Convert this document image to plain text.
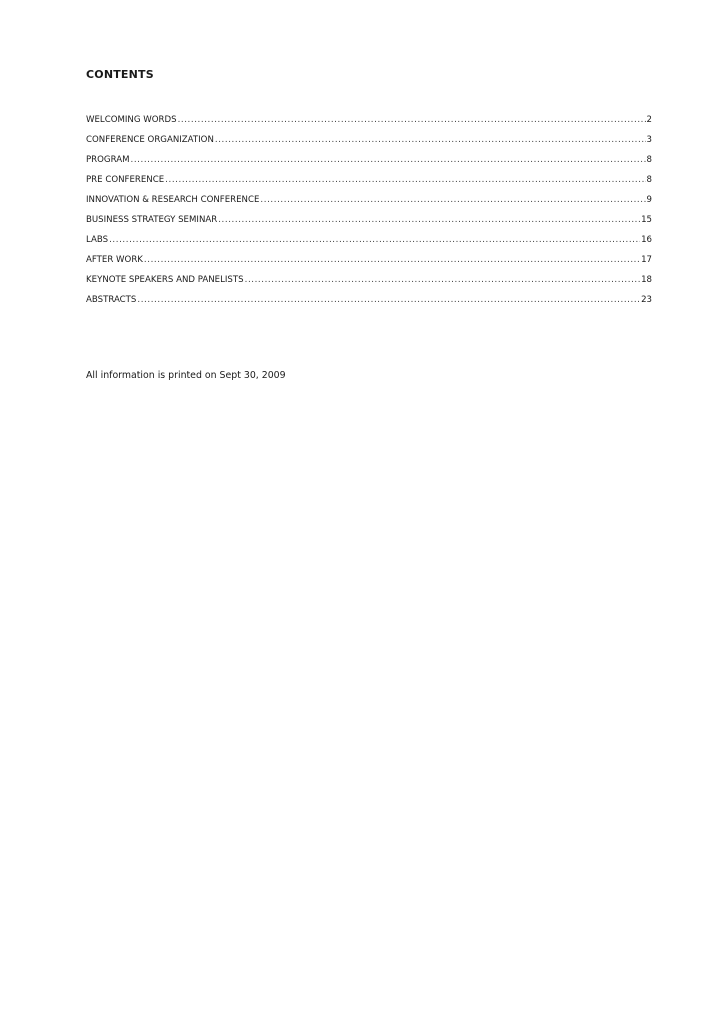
CONTENTS
WELCOMING WORDS .....	2
CONFERENCE ORGANIZATION .....	3
PROGRAM .....	8
PRE CONFERENCE .....	8
INNOVATION & RESEARCH CONFERENCE .....	9
BUSINESS STRATEGY SEMINAR .....	15
LABS .....	16
AFTER WORK .....	17
KEYNOTE SPEAKERS AND PANELISTS .....	18
ABSTRACTS .....	23

All information is printed on Sept 30, 2009
